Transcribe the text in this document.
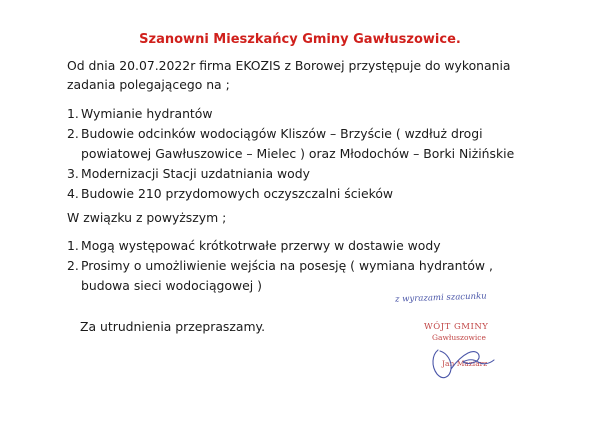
Szanowni Mieszkańcy Gminy Gawłuszowice.
Od dnia 20.07.2022r firma EKOZIS z Borowej przystępuje do wykonania
zadania polegającego na ;
1. Wymianie hydrantów
2. Budowie odcinków wodociągów Kliszów – Brzyście ( wzdłuż drogi
powiatowej Gawłuszowice – Mielec ) oraz Młodochów – Borki Niżińskie
3. Modernizacji Stacji uzdatniania wody
4. Budowie 210 przydomowych oczyszczalni ścieków
W związku z powyższym ;
1. Mogą występować krótkotrwałe przerwy w dostawie wody
2. Prosimy o umożliwienie wejścia na posesję ( wymiana hydrantów ,
budowa sieci wodociągowej )
Za utrudnienia przepraszamy.
z wyrazami szacunku
WÓJT GMINY
Gawłuszowice
Jan Maziarz
